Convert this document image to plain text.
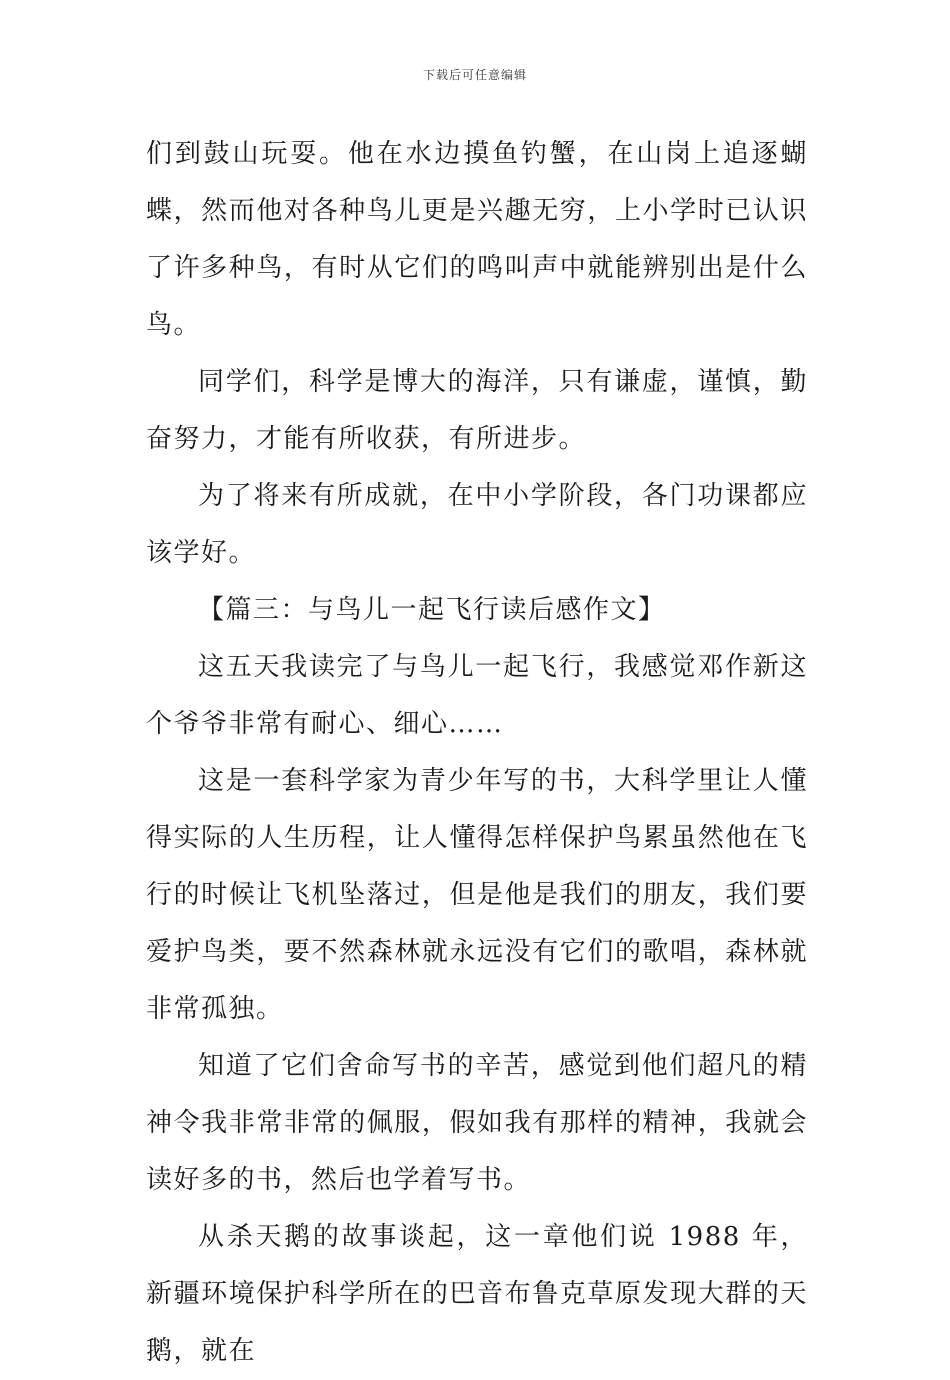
下载后可任意编辑

们到鼓山玩耍。他在水边摸鱼钓蟹，在山岗上追逐蝴蝶，然而他对各种鸟儿更是兴趣无穷，上小学时已认识了许多种鸟，有时从它们的鸣叫声中就能辨别出是什么鸟。

同学们，科学是博大的海洋，只有谦虚，谨慎，勤奋努力，才能有所收获，有所进步。

为了将来有所成就，在中小学阶段，各门功课都应该学好。

【篇三：与鸟儿一起飞行读后感作文】

这五天我读完了与鸟儿一起飞行，我感觉邓作新这个爷爷非常有耐心、细心……

这是一套科学家为青少年写的书，大科学里让人懂得实际的人生历程，让人懂得怎样保护鸟累虽然他在飞行的时候让飞机坠落过，但是他是我们的朋友，我们要爱护鸟类，要不然森林就永远没有它们的歌唱，森林就非常孤独。

知道了它们舍命写书的辛苦，感觉到他们超凡的精神令我非常非常的佩服，假如我有那样的精神，我就会读好多的书，然后也学着写书。

从杀天鹅的故事谈起，这一章他们说 1988 年，新疆环境保护科学所在的巴音布鲁克草原发现大群的天鹅，就在
